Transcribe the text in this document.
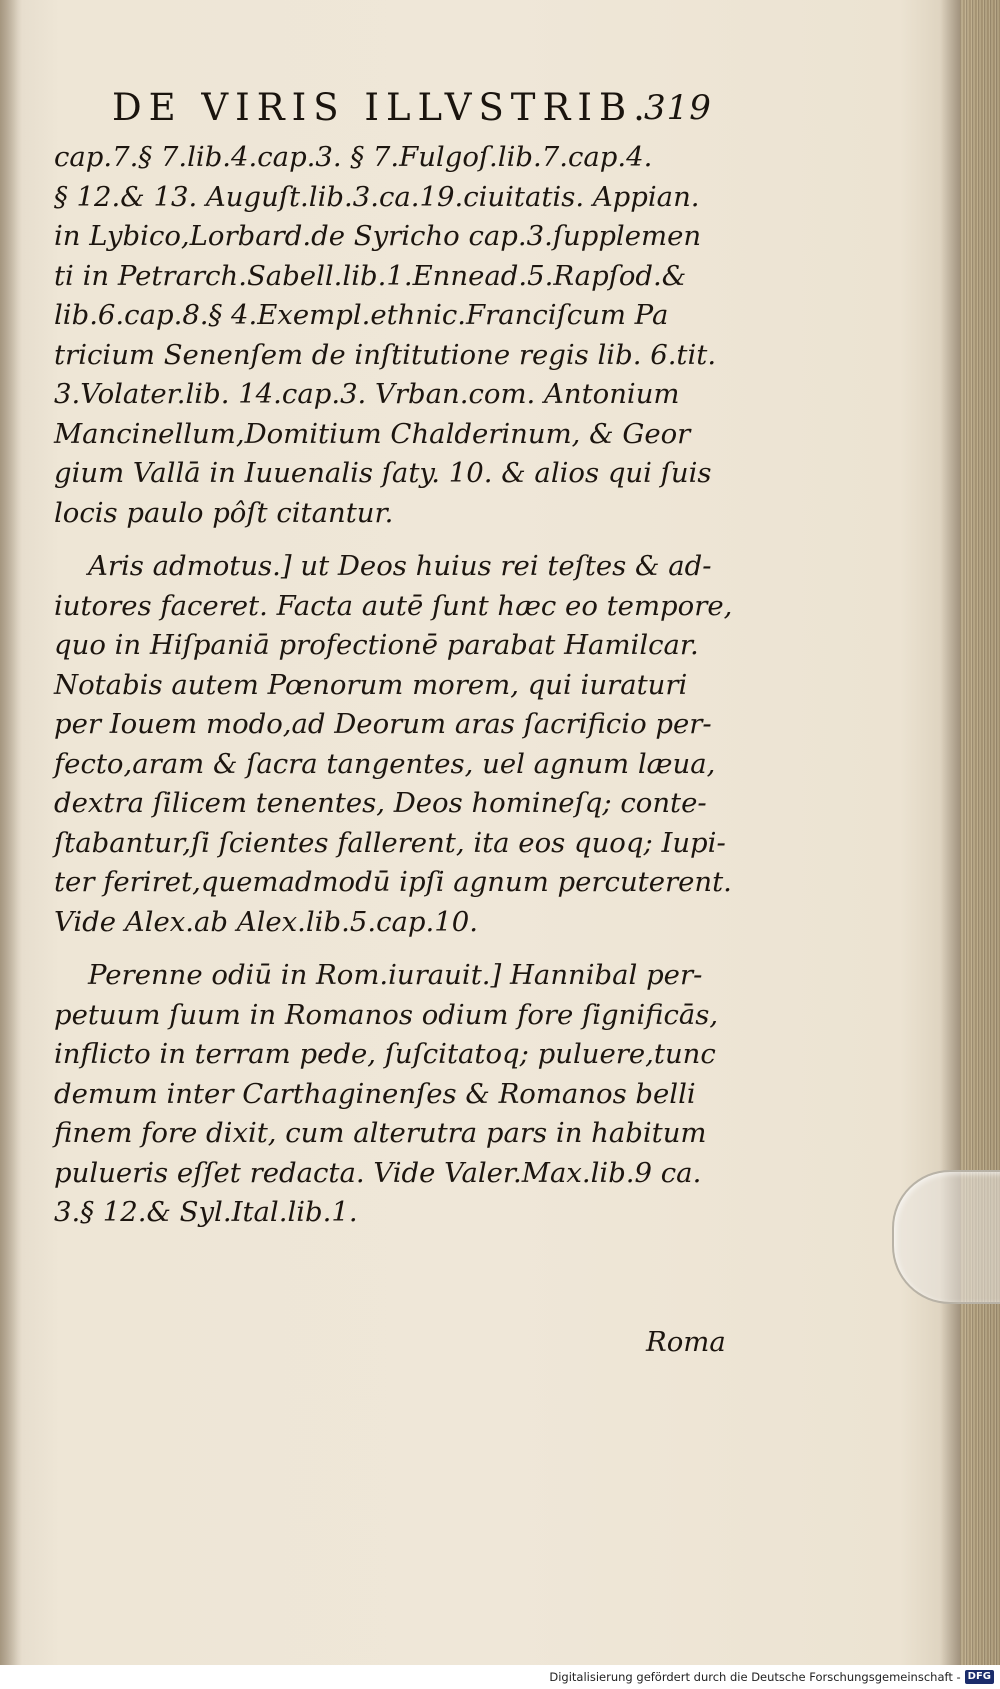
DE VIRIS ILLVSTRIB.
319
cap.7.§ 7.lib.4.cap.3. § 7.Fulgoſ.lib.7.cap.4.
§ 12.& 13. Auguſt.lib.3.ca.19.ciuitatis. Appian.
in Lybico,Lorbard.de Syricho cap.3.ſupplemen
ti in Petrarch.Sabell.lib.1.Ennead.5.Rapſod.&
lib.6.cap.8.§ 4.Exempl.ethnic.Franciſcum Pa
tricium Senenſem de inſtitutione regis lib. 6.tit.
3.Volater.lib. 14.cap.3. Vrban.com. Antonium
Mancinellum,Domitium Chalderinum, & Geor
gium Vallā in Iuuenalis ſaty. 10. & alios qui ſuis
locis paulo pôſt citantur.
Aris admotus.] ut Deos huius rei teſtes & ad-
iutores faceret. Facta autē ſunt hæc eo tempore,
quo in Hiſpaniā profectionē parabat Hamilcar.
Notabis autem Pœnorum morem, qui iuraturi
per Iouem modo,ad Deorum aras ſacrificio per-
fecto,aram & ſacra tangentes, uel agnum læua,
dextra ſilicem tenentes, Deos homineſq; conte-
ſtabantur,ſi ſcientes fallerent, ita eos quoq; Iupi-
ter feriret,quemadmodū ipſi agnum percuterent.
Vide Alex.ab Alex.lib.5.cap.10.
Perenne odiū in Rom.iurauit.] Hannibal per-
petuum ſuum in Romanos odium fore ſignificās,
inflicto in terram pede, ſuſcitatoq; puluere,tunc
demum inter Carthaginenſes & Romanos belli
finem fore dixit, cum alterutra pars in habitum
pulueris eſſet redacta. Vide Valer.Max.lib.9 ca.
3.§ 12.& Syl.Ital.lib.1.
Roma
Digitalisierung gefördert durch die Deutsche Forschungsgemeinschaft - DFG
